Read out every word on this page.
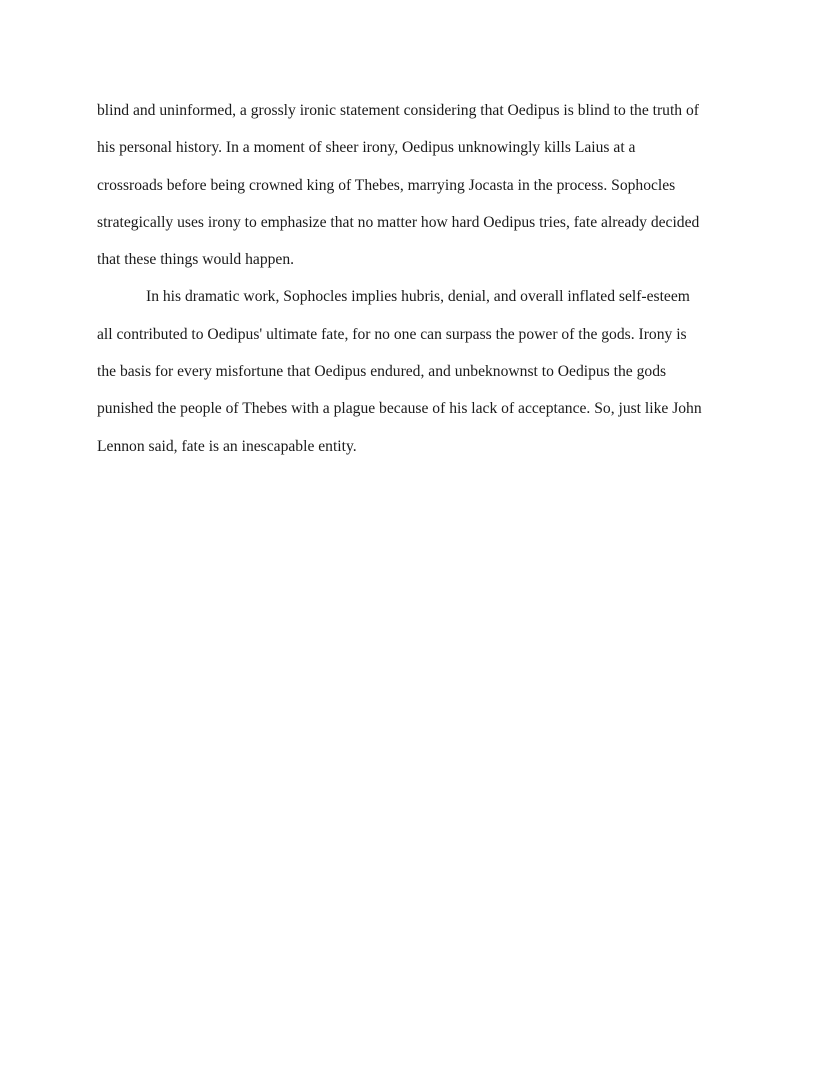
blind and uninformed, a grossly ironic statement considering that Oedipus is blind to the truth of
his personal history. In a moment of sheer irony, Oedipus unknowingly kills Laius at a
crossroads before being crowned king of Thebes, marrying Jocasta in the process. Sophocles
strategically uses irony to emphasize that no matter how hard Oedipus tries, fate already decided
that these things would happen.
In his dramatic work, Sophocles implies hubris, denial, and overall inflated self-esteem
all contributed to Oedipus' ultimate fate, for no one can surpass the power of the gods. Irony is
the basis for every misfortune that Oedipus endured, and unbeknownst to Oedipus the gods
punished the people of Thebes with a plague because of his lack of acceptance. So, just like John
Lennon said, fate is an inescapable entity.
